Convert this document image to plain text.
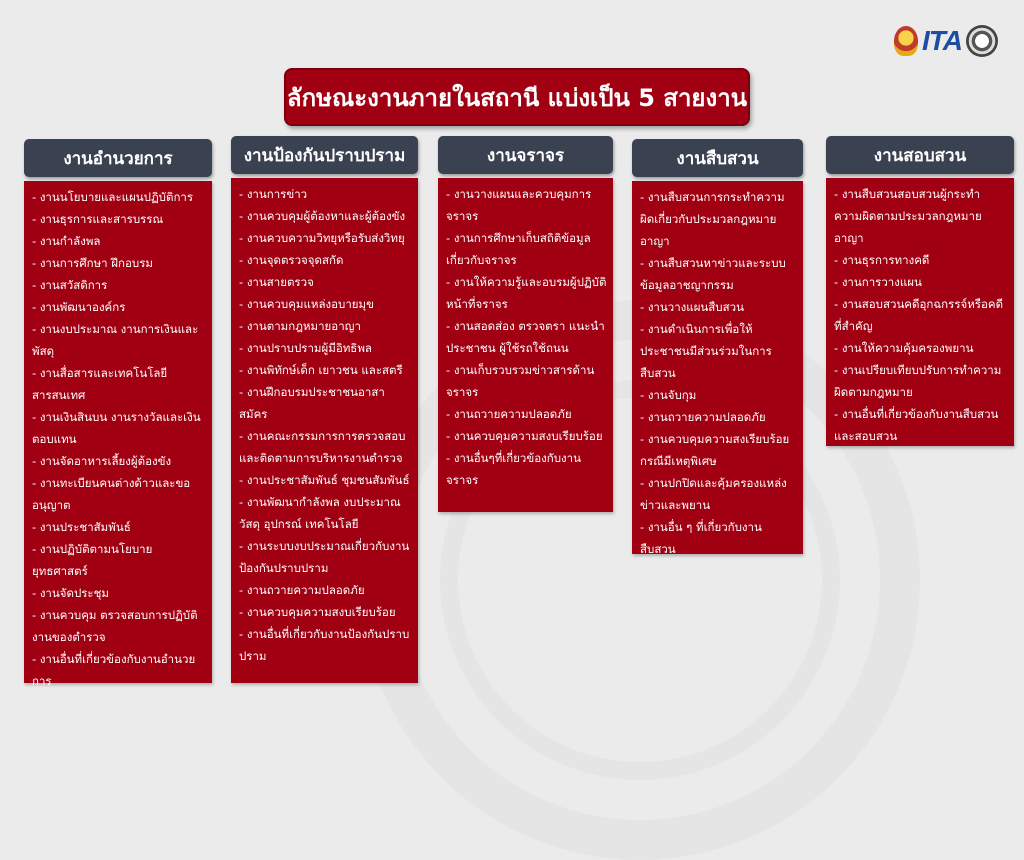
ITA
ลักษณะงานภายในสถานี แบ่งเป็น 5 สายงาน
งานอำนวยการ
- งานนโยบายและแผนปฏิบัติการ
- งานธุรการและสารบรรณ
- งานกำลังพล
- งานการศึกษา ฝึกอบรม
- งานสวัสดิการ
- งานพัฒนาองค์กร
- งานงบประมาณ งานการเงินและพัสดุ
- งานสื่อสารและเทคโนโลยีสารสนเทศ
- งานเงินสินบน งานรางวัลและเงินตอบแทน
- งานจัดอาหารเลี้ยงผู้ต้องขัง
- งานทะเบียนคนต่างด้าวและขออนุญาต
- งานประชาสัมพันธ์
- งานปฏิบัติตามนโยบายยุทธศาสตร์
- งานจัดประชุม
- งานควบคุม ตรวจสอบการปฏิบัติงานของตำรวจ
- งานอื่นที่เกี่ยวข้องกับงานอำนวยการ
งานป้องกันปราบปราม
- งานการข่าว
- งานควบคุมผู้ต้องหาและผู้ต้องขัง
- งานควบความวิทยุหรือรับส่งวิทยุ
- งานจุดตรวจจุดสกัด
- งานสายตรวจ
- งานควบคุมแหล่งอบายมุข
- งานตามกฎหมายอาญา
- งานปราบปรามผู้มีอิทธิพล
- งานพิทักษ์เด็ก เยาวชน และสตรี
- งานฝึกอบรมประชาชนอาสาสมัคร
- งานคณะกรรมการการตรวจสอบและติดตามการบริหารงานตำรวจ
- งานประชาสัมพันธ์ ชุมชนสัมพันธ์
- งานพัฒนากำลังพล งบประมาณ วัสดุ อุปกรณ์ เทคโนโลยี
- งานระบบงบประมาณเกี่ยวกับงานป้องกันปราบปราม
- งานถวายความปลอดภัย
- งานควบคุมความสงบเรียบร้อย
- งานอื่นที่เกี่ยวกับงานป้องกันปราบปราม
งานจราจร
- งานวางแผนและควบคุมการจราจร
- งานการศึกษาเก็บสถิติข้อมูลเกี่ยวกับจราจร
- งานให้ความรู้และอบรมผู้ปฏิบัติหน้าที่จราจร
- งานสอดส่อง ตรวจตรา แนะนำประชาชน ผู้ใช้รถใช้ถนน
- งานเก็บรวบรวมข่าวสารด้านจราจร
- งานถวายความปลอดภัย
- งานควบคุมความสงบเรียบร้อย
- งานอื่นๆที่เกี่ยวข้องกับงานจราจร
งานสืบสวน
- งานสืบสวนการกระทำความผิดเกี่ยวกับประมวลกฎหมายอาญา
- งานสืบสวนหาข่าวและระบบข้อมูลอาชญากรรม
- งานวางแผนสืบสวน
- งานดำเนินการเพื่อให้ประชาชนมีส่วนร่วมในการสืบสวน
- งานจับกุม
- งานถวายความปลอดภัย
- งานควบคุมความสงเรียบร้อยกรณีมีเหตุพิเศษ
- งานปกปิดและคุ้มครองแหล่งข่าวและพยาน
- งานอื่น ๆ ที่เกี่ยวกับงานสืบสวน
งานสอบสวน
- งานสืบสวนสอบสวนผู้กระทำความผิดตามประมวลกฎหมายอาญา
- งานธุรการทางคดี
- งานการวางแผน
- งานสอบสวนคดีอุกฉกรรจ์หรือคดี ที่สำคัญ
- งานให้ความคุ้มครองพยาน
- งานเปรียบเทียบปรับการทำความผิดตามกฎหมาย
- งานอื่นที่เกี่ยวข้องกับงานสืบสวนและสอบสวน
